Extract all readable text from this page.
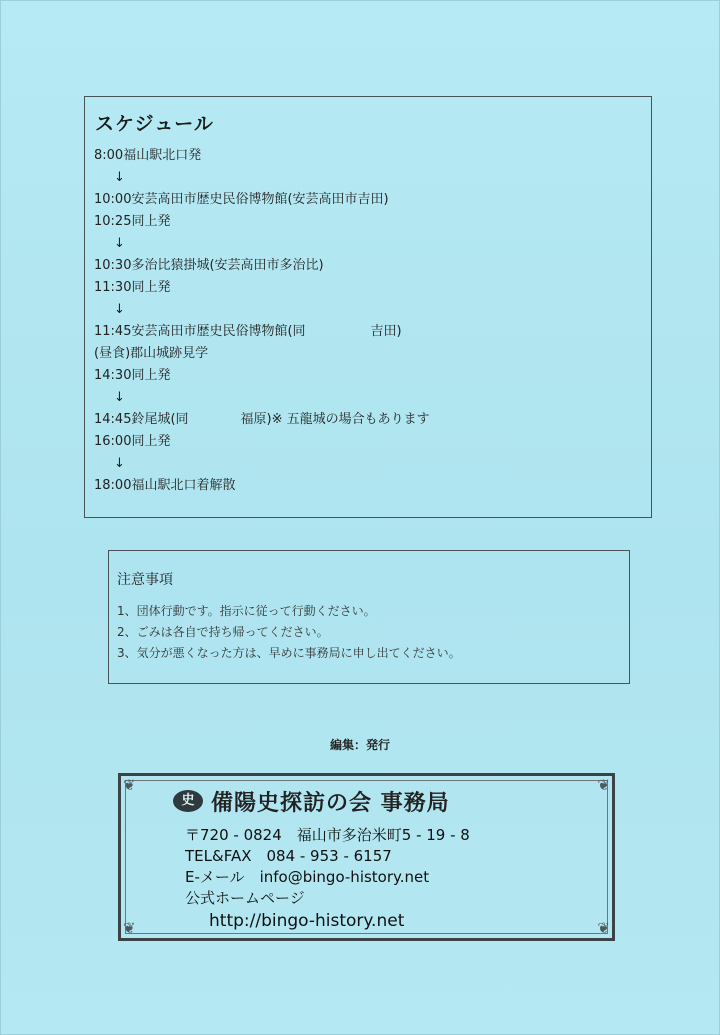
スケジュール
8:00福山駅北口発
↓
10:00安芸高田市歴史民俗博物館(安芸高田市吉田)
10:25同上発
↓
10:30多治比猿掛城(安芸高田市多治比)
11:30同上発
↓
11:45安芸高田市歴史民俗博物館(同　　　　　吉田)
(昼食)郡山城跡見学
14:30同上発
↓
14:45鈴尾城(同　　　　福原)※ 五龍城の場合もあります
16:00同上発
↓
18:00福山駅北口着解散
注意事項
1、団体行動です。指示に従って行動ください。
2、ごみは各自で持ち帰ってください。
3、気分が悪くなった方は、早めに事務局に申し出てください。
編集：発行
❦	❦
❦	❦
史 備陽史探訪の会 事務局
〒720 - 0824　福山市多治米町5 - 19 - 8
TEL&FAX　084 - 953 - 6157
E-メール　info@bingo-history.net
公式ホームページ
http://bingo-history.net
